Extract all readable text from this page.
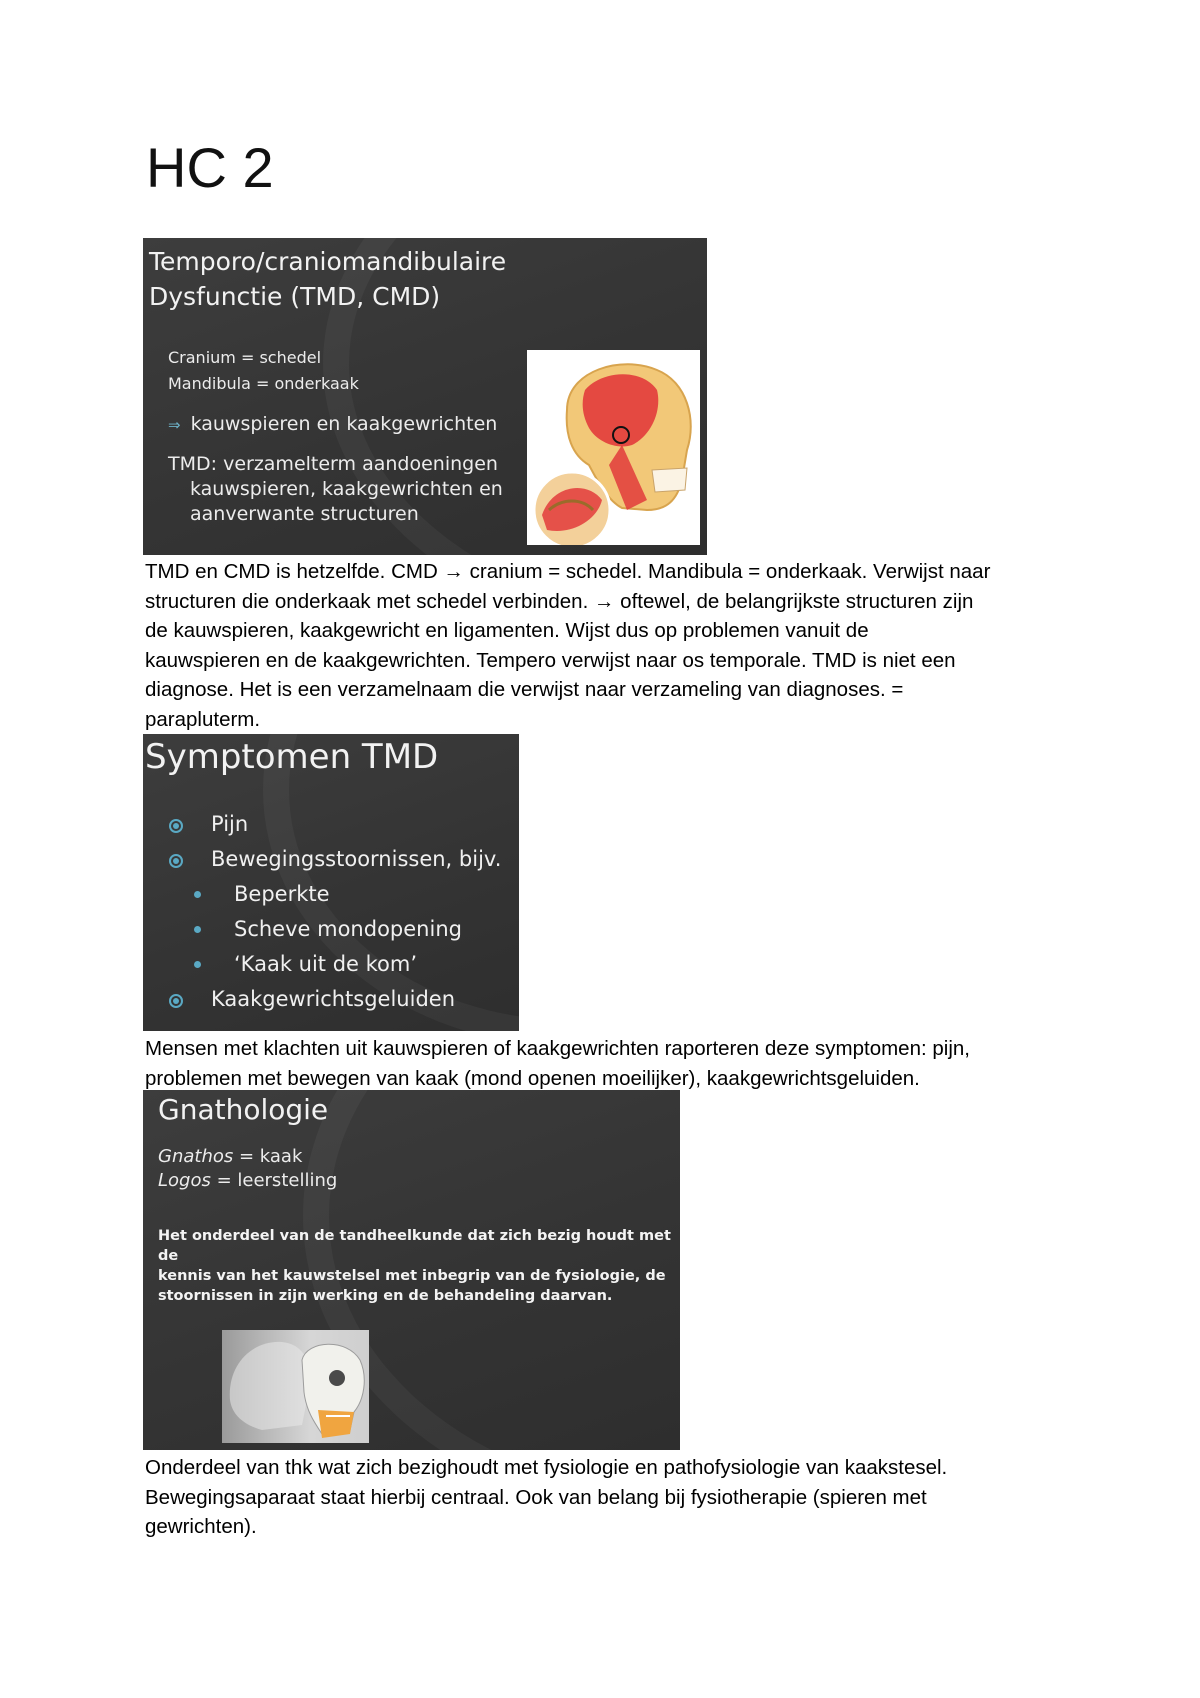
HC 2
Temporo/craniomandibulaire
Dysfunctie (TMD, CMD)
Cranium = schedel
Mandibula = onderkaak
⇒ kauwspieren en kaakgewrichten
TMD: verzamelterm aandoeningen
kauwspieren, kaakgewrichten en
aanverwante structuren

TMD en CMD is hetzelfde. CMD → cranium = schedel. Mandibula = onderkaak. Verwijst naar
structuren die onderkaak met schedel verbinden. → oftewel, de belangrijkste structuren zijn
de kauwspieren, kaakgewricht en ligamenten. Wijst dus op problemen vanuit de
kauwspieren en de kaakgewrichten. Tempero verwijst naar os temporale. TMD is niet een
diagnose. Het is een verzamelnaam die verwijst naar verzameling van diagnoses. =
parapluterm.

Symptomen TMD
Pijn
Bewegingsstoornissen, bijv.
Beperkte
Scheve mondopening
‘Kaak uit de kom’
Kaakgewrichtsgeluiden

Mensen met klachten uit kauwspieren of kaakgewrichten raporteren deze symptomen: pijn,
problemen met bewegen van kaak (mond openen moeilijker), kaakgewrichtsgeluiden.

Gnathologie
Gnathos = kaak
Logos = leerstelling
Het onderdeel van de tandheelkunde dat zich bezig houdt met de
kennis van het kauwstelsel met inbegrip van de fysiologie, de
stoornissen in zijn werking en de behandeling daarvan.

Onderdeel van thk wat zich bezighoudt met fysiologie en pathofysiologie van kaakstesel.
Bewegingsaparaat staat hierbij centraal. Ook van belang bij fysiotherapie (spieren met
gewrichten).
